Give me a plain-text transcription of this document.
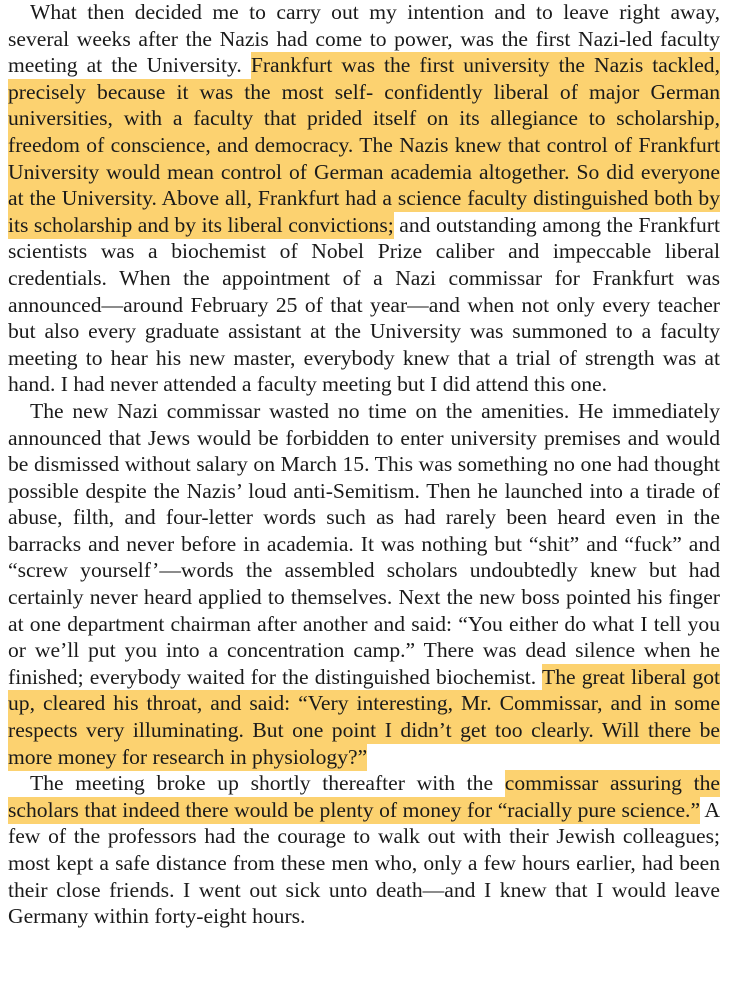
What then decided me to carry out my intention and to leave right away, several weeks after the Nazis had come to power, was the first Nazi-led faculty meeting at the University. Frankfurt was the first university the Nazis tackled, precisely because it was the most self- confidently liberal of major German universities, with a faculty that prided itself on its allegiance to scholarship, freedom of conscience, and democracy. The Nazis knew that control of Frankfurt University would mean control of German academia altogether. So did everyone at the University. Above all, Frankfurt had a science faculty distinguished both by its scholarship and by its liberal convictions; and outstanding among the Frankfurt scientists was a biochemist of Nobel Prize caliber and impeccable liberal credentials. When the appointment of a Nazi commissar for Frankfurt was announced—around February 25 of that year—and when not only every teacher but also every graduate assistant at the University was summoned to a faculty meeting to hear his new master, everybody knew that a trial of strength was at hand. I had never attended a faculty meeting but I did attend this one.

The new Nazi commissar wasted no time on the amenities. He immediately announced that Jews would be forbidden to enter university premises and would be dismissed without salary on March 15. This was something no one had thought possible despite the Nazis’ loud anti-Semitism. Then he launched into a tirade of abuse, filth, and four-letter words such as had rarely been heard even in the barracks and never before in academia. It was nothing but “shit” and “fuck” and “screw yourself’—words the assembled scholars undoubtedly knew but had certainly never heard applied to themselves. Next the new boss pointed his finger at one department chairman after another and said: “You either do what I tell you or we’ll put you into a concentration camp.” There was dead silence when he finished; everybody waited for the distinguished biochemist. The great liberal got up, cleared his throat, and said: “Very interesting, Mr. Commissar, and in some respects very illuminating. But one point I didn’t get too clearly. Will there be more money for research in physiology?”

The meeting broke up shortly thereafter with the commissar assuring the scholars that indeed there would be plenty of money for “racially pure science.” A few of the professors had the courage to walk out with their Jewish colleagues; most kept a safe distance from these men who, only a few hours earlier, had been their close friends. I went out sick unto death—and I knew that I would leave Germany within forty-eight hours.
